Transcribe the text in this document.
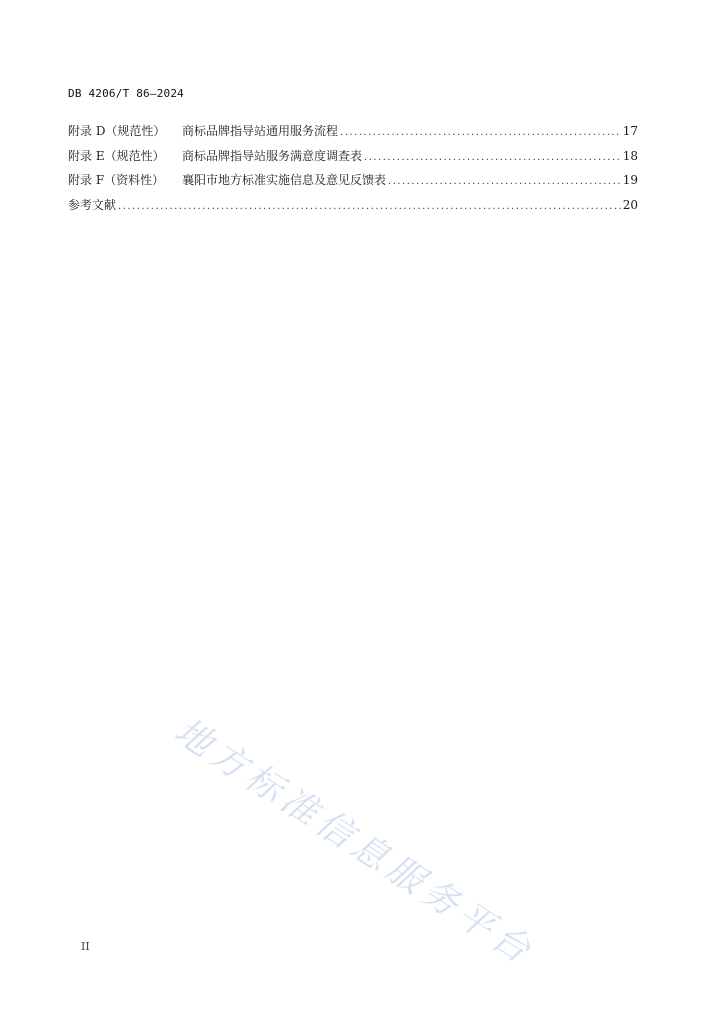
DB 4206/T 86—2024
附录 D（规范性）	商标品牌指导站通用服务流程 .....	17
附录 E（规范性）	商标品牌指导站服务满意度调查表 .....	18
附录 F（资料性）	襄阳市地方标准实施信息及意见反馈表 .....	19
参考文献 .....	20
地方标准信息服务平台
II
